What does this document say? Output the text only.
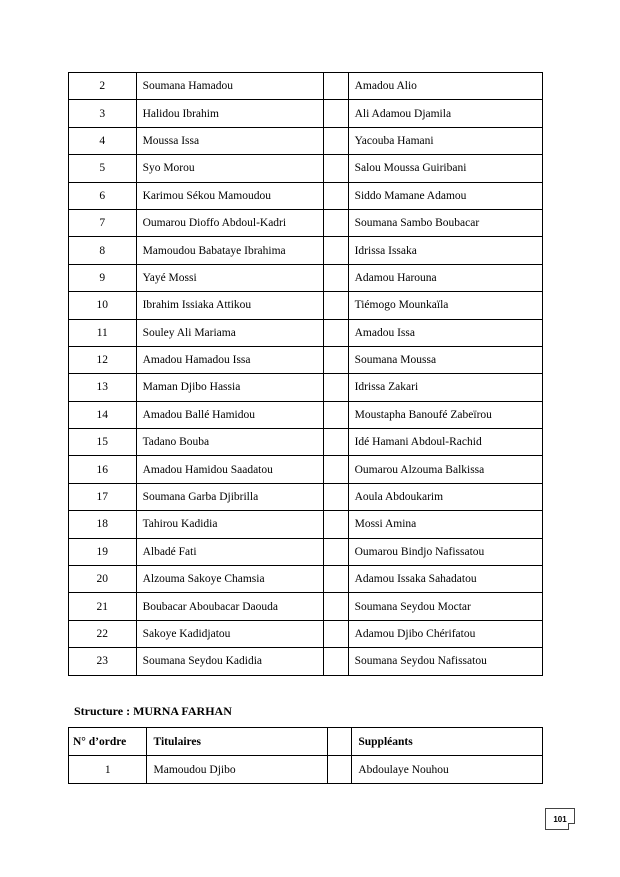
2	Soumana Hamadou		Amadou Alio
3	Halidou Ibrahim		Ali Adamou Djamila
4	Moussa Issa		Yacouba Hamani
5	Syo Morou		Salou Moussa Guiribani
6	Karimou Sékou Mamoudou		Siddo Mamane Adamou
7	Oumarou Dioffo Abdoul-Kadri		Soumana Sambo Boubacar
8	Mamoudou Babataye Ibrahima		Idrissa Issaka
9	Yayé Mossi		Adamou Harouna
10	Ibrahim Issiaka Attikou		Tiémogo Mounkaïla
11	Souley Ali Mariama		Amadou Issa
12	Amadou Hamadou Issa		Soumana Moussa
13	Maman Djibo Hassia		Idrissa Zakari
14	Amadou Ballé Hamidou		Moustapha Banoufé Zabeïrou
15	Tadano Bouba		Idé Hamani Abdoul-Rachid
16	Amadou Hamidou Saadatou		Oumarou Alzouma Balkissa
17	Soumana Garba Djibrilla		Aoula Abdoukarim
18	Tahirou Kadidia		Mossi Amina
19	Albadé Fati		Oumarou Bindjo Nafissatou
20	Alzouma Sakoye Chamsia		Adamou Issaka Sahadatou
21	Boubacar Aboubacar Daouda		Soumana Seydou Moctar
22	Sakoye Kadidjatou		Adamou Djibo Chérifatou
23	Soumana Seydou Kadidia		Soumana Seydou Nafissatou
Structure : MURNA FARHAN
N° d’ordre	Titulaires		Suppléants
1	Mamoudou Djibo		Abdoulaye Nouhou
101
